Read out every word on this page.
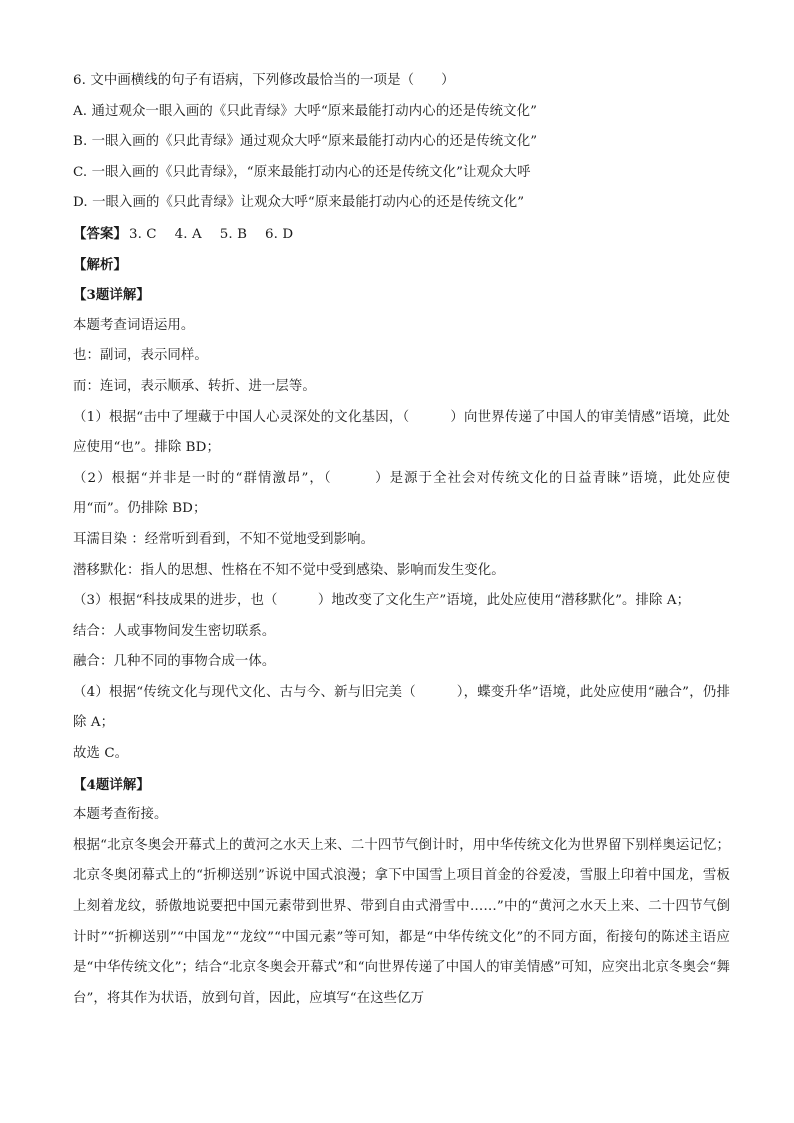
6. 文中画横线的句子有语病，下列修改最恰当的一项是（　　）
A. 通过观众一眼入画的《只此青绿》大呼“原来最能打动内心的还是传统文化”
B. 一眼入画的《只此青绿》通过观众大呼“原来最能打动内心的还是传统文化”
C. 一眼入画的《只此青绿》，“原来最能打动内心的还是传统文化”让观众大呼
D. 一眼入画的《只此青绿》让观众大呼“原来最能打动内心的还是传统文化”
【答案】 3. C 4. A 5. B 6. D
【解析】
【3题详解】
本题考查词语运用。
也：副词，表示同样。
而：连词，表示顺承、转折、进一层等。
（1）根据“击中了埋藏于中国人心灵深处的文化基因，（　　　）向世界传递了中国人的审美情感”语境，此处应使用“也”。排除 BD；
（2）根据“并非是一时的“群情激昂”，（　　　）是源于全社会对传统文化的日益青睐”语境，此处应使用“而”。仍排除 BD；
耳濡目染 ：经常听到看到，不知不觉地受到影响。
潜移默化：指人的思想、性格在不知不觉中受到感染、影响而发生变化。
（3）根据“科技成果的进步，也（　　　）地改变了文化生产”语境，此处应使用“潜移默化”。排除 A；
结合：人或事物间发生密切联系。
融合：几种不同的事物合成一体。
（4）根据“传统文化与现代文化、古与今、新与旧完美（　　　），蝶变升华”语境，此处应使用“融合”，仍排除 A；
故选 C。
【4题详解】
本题考查衔接。
根据“北京冬奥会开幕式上的黄河之水天上来、二十四节气倒计时，用中华传统文化为世界留下别样奥运记忆；北京冬奥闭幕式上的“折柳送别”诉说中国式浪漫；拿下中国雪上项目首金的谷爱凌，雪服上印着中国龙，雪板上刻着龙纹，骄傲地说要把中国元素带到世界、带到自由式滑雪中……”中的“黄河之水天上来、二十四节气倒计时”“折柳送别”“中国龙”“龙纹”“中国元素”等可知，都是“中华传统文化”的不同方面，衔接句的陈述主语应是“中华传统文化”；结合“北京冬奥会开幕式”和“向世界传递了中国人的审美情感”可知，应突出北京冬奥会“舞台”，将其作为状语，放到句首，因此，应填写“在这些亿万
